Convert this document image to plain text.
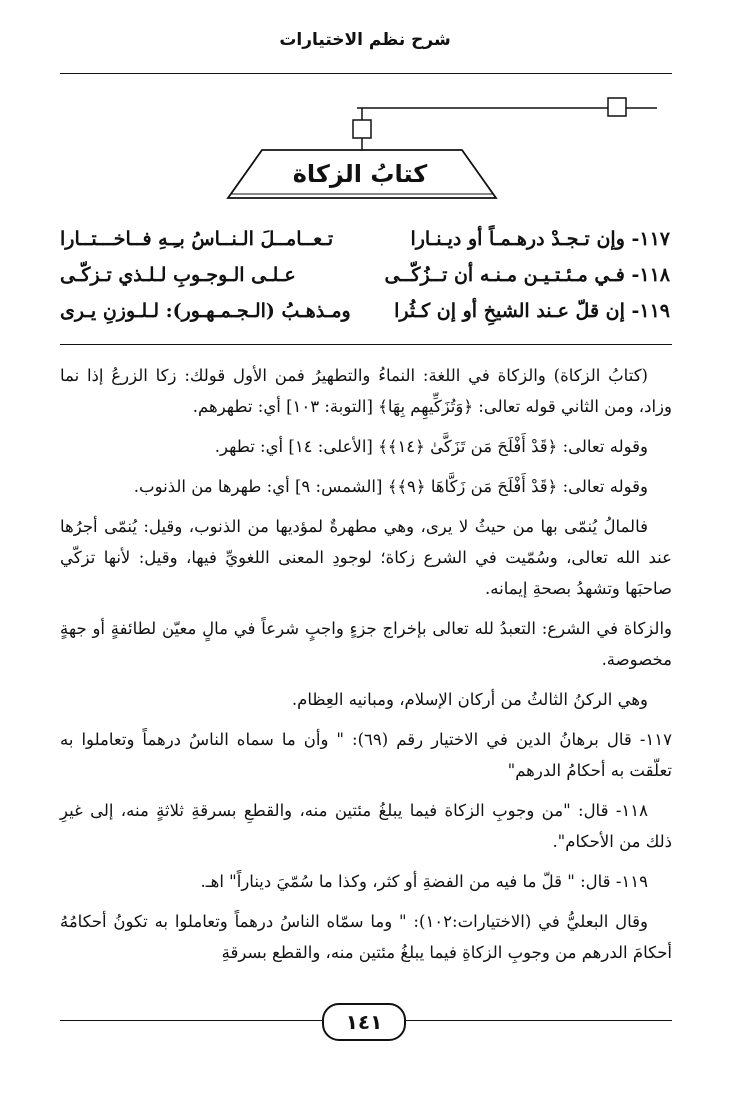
شرح نظم الاختيارات
كتابُ الزكاة
١١٧- وإن تـجـدْ درهـمـاً أو ديـنـارا
تـعــامــلَ الـنــاسُ بـِـهِ فــاخـــتــارا
١١٨- فـي مـئـتـيـن مـنـه أن تــزُكّــى
عـلـى الـوجـوبِ لـلـذي تـزكّـى
١١٩- إن قلّ عـند الشيخِ أو إن كـثُرا
ومـذهـبُ (الـجـمـهـور): لـلـوزنِ يـرى

(كتابُ الزكاة) والزكاة في اللغة: النماءُ والتطهيرُ فمن الأول قولك: زكا الزرعُ إذا نما وزاد، ومن الثاني قوله تعالى: ﴿وَتُزَكِّيهِم بِهَا﴾ [التوبة: ١٠٣] أي: تطهرهم.

وقوله تعالى: ﴿قَدْ أَفْلَحَ مَن تَزَكَّىٰ ﴿١٤﴾﴾ [الأعلى: ١٤] أي: تطهر.

وقوله تعالى: ﴿قَدْ أَفْلَحَ مَن زَكَّاهَا ﴿٩﴾﴾ [الشمس: ٩] أي: طهرها من الذنوب.

فالمالُ يُنمّى بها من حيثُ لا يرى، وهي مطهرةٌ لمؤديها من الذنوب، وقيل: يُنمّى أجرُها عند الله تعالى، وسُمّيت في الشرع زكاة؛ لوجودِ المعنى اللغويِّ فيها، وقيل: لأنها تزكّي صاحبَها وتشهدُ بصحةِ إيمانه.

والزكاة في الشرع: التعبدُ لله تعالى بإخراج جزءٍ واجبٍ شرعاً في مالٍ معيّن لطائفةٍ أو جهةٍ مخصوصة.

وهي الركنُ الثالثُ من أركان الإسلام، ومبانيه العِظام.

١١٧- قال برهانُ الدين في الاختيار رقم (٦٩): " وأن ما سماه الناسُ درهماً وتعاملوا به تعلّقت به أحكامُ الدرهم"

١١٨- قال: "من وجوبِ الزكاة فيما يبلغُ مئتين منه، والقطعِ بسرقةِ ثلاثةٍ منه، إلى غيرِ ذلك من الأحكام".

١١٩- قال: " قلّ ما فيه من الفضةِ أو كثر، وكذا ما سُمّيَ ديناراً" اهـ.

وقال البعليُّ في (الاختيارات:١٠٢): " وما سمّاه الناسُ درهماً وتعاملوا به تكونُ أحكامُهُ أحكامَ الدرهم من وجوبِ الزكاةِ فيما يبلغُ مئتين منه، والقطع بسرقةِ

١٤١
